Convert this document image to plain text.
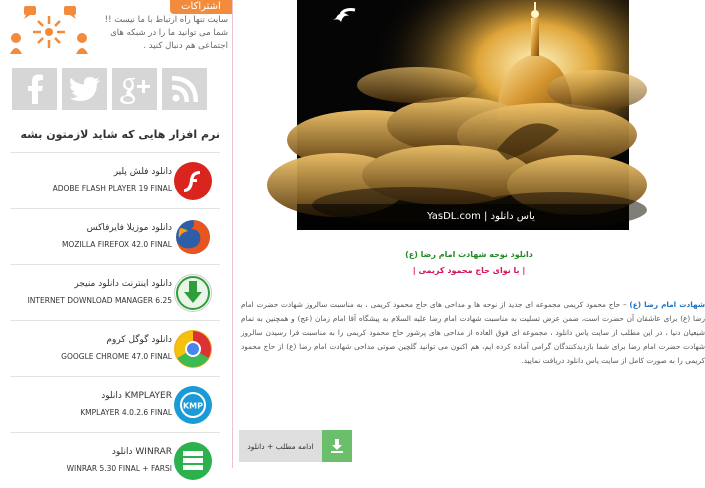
اشتراکات
سایت تنها راه ارتباط با ما نیست !! شما می توانید ما را در شبکه های اجتماعی هم دنبال کنید .
نرم افزار هایی که شاید لازمتون بشه
دانلود فلش پلیر
ADOBE FLASH PLAYER 19 FINAL
دانلود موزیلا فایرفاکس
MOZILLA FIREFOX 42.0 FINAL
دانلود اینترنت دانلود منیجر
INTERNET DOWNLOAD MANAGER 6.25
دانلود گوگل کروم
GOOGLE CHROME 47.0 FINAL
KMPLAYER دانلود
KMPLAYER 4.0.2.6 FINAL
KMP
WINRAR دانلود
WINRAR 5.30 FINAL + FARSI
YasDL.com | یاس دانلود
دانلود نوحه شهادت امام رضا (ع)
| با نوای حاج محمود کریمی |
شهادت امام رضا (ع) – حاج محمود کریمی مجموعه ای جدید از نوحه ها و مداحی های حاج محمود کریمی ، به مناسبت سالروز شهادت حضرت امام رضا (ع) برای عاشقان آن حضرت است، ضمن عرض تسلیت به مناسبت شهادت امام رضا علیه السلام به پیشگاه آقا امام زمان (عج) و همچنین به تمام شیعیان دنیا ، در این مطلب از سایت یاس دانلود ، مجموعه ای فوق العاده از مداحی های پرشور حاج محمود کریمی را به مناسبت فرا رسیدن سالروز شهادت حضرت امام رضا برای شما بازدیدکنندگان گرامی آماده کرده ایم، هم اکنون می توانید گلچین صوتی مداحی شهادت امام رضا (ع) از حاج محمود کریمی را به صورت کامل از سایت یاس دانلود دریافت نمایید.
ادامه مطلب + دانلود
